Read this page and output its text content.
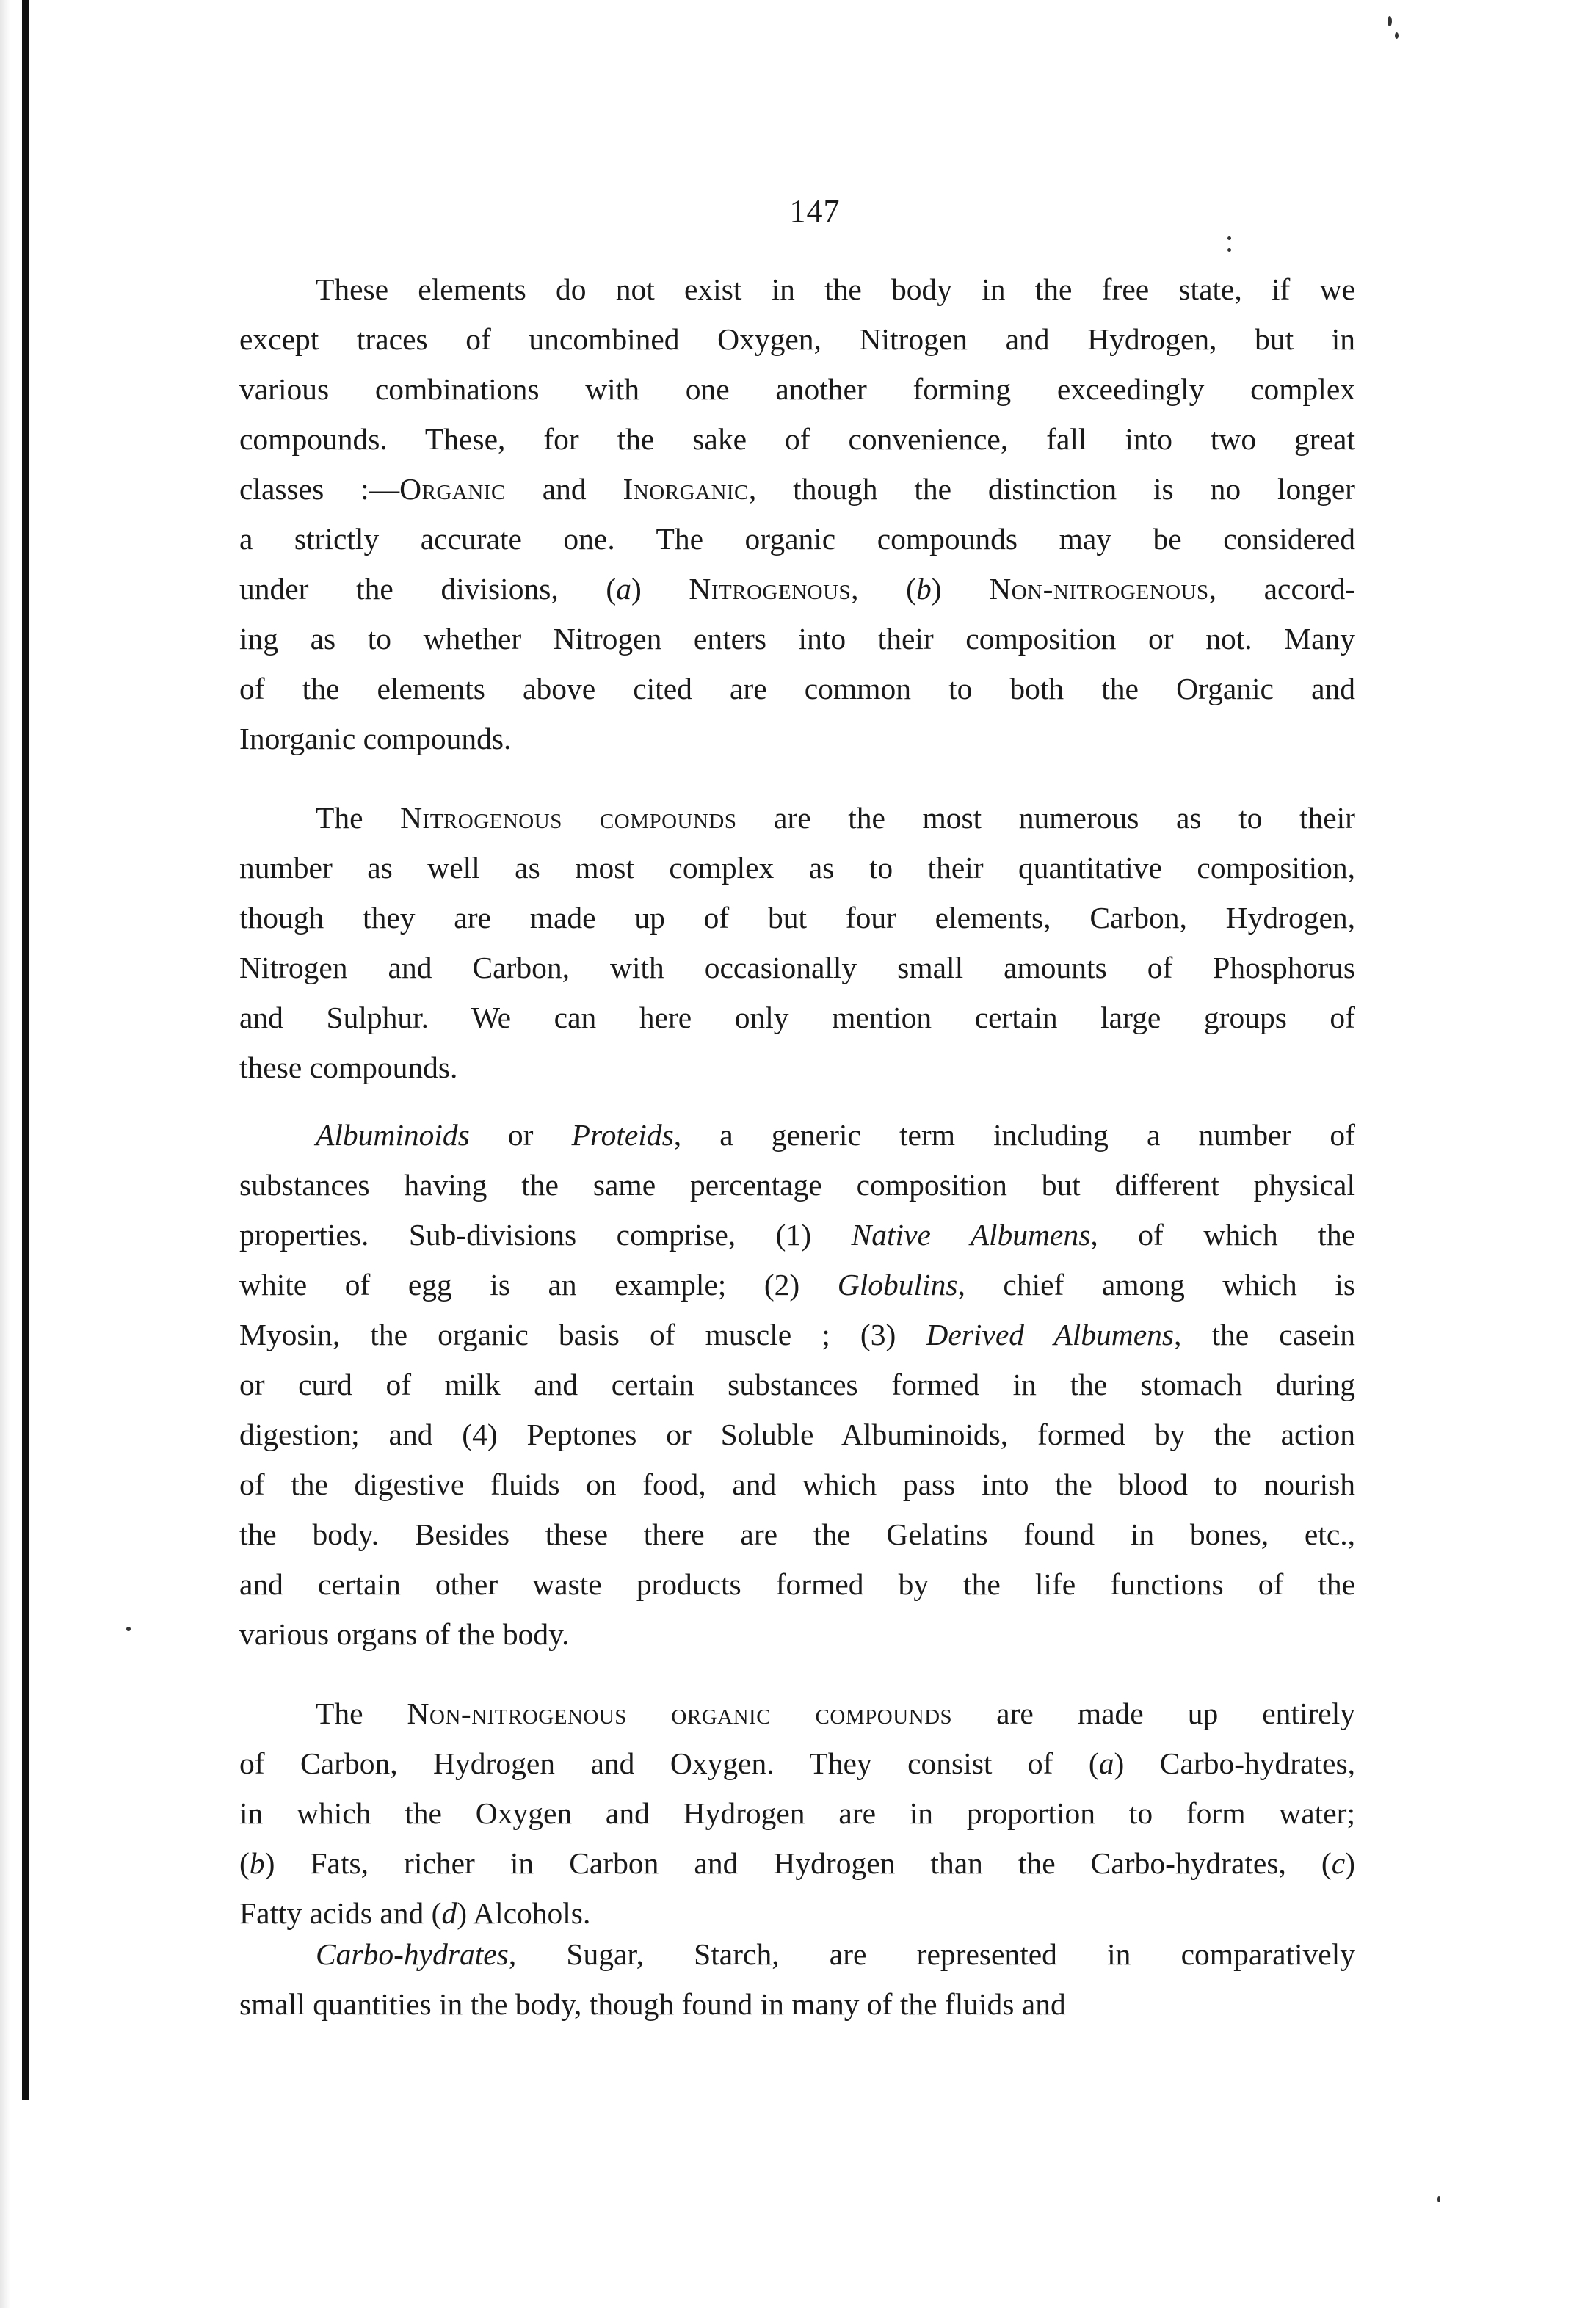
147
These elements do not exist in the body in the free state, if we
except traces of uncombined Oxygen, Nitrogen and Hydrogen, but in
various combinations with one another forming exceedingly complex
compounds. These, for the sake of convenience, fall into two great
classes :—Organic and Inorganic, though the distinction is no longer
a strictly accurate one. The organic compounds may be considered
under the divisions, (a) Nitrogenous, (b) Non-nitrogenous, accord-
ing as to whether Nitrogen enters into their composition or not. Many
of the elements above cited are common to both the Organic and
Inorganic compounds.
The Nitrogenous compounds are the most numerous as to their
number as well as most complex as to their quantitative composition,
though they are made up of but four elements, Carbon, Hydrogen,
Nitrogen and Carbon, with occasionally small amounts of Phosphorus
and Sulphur. We can here only mention certain large groups of
these compounds.
Albuminoids or Proteids, a generic term including a number of
substances having the same percentage composition but different physical
properties. Sub-divisions comprise, (1) Native Albumens, of which the
white of egg is an example; (2) Globulins, chief among which is
Myosin, the organic basis of muscle ; (3) Derived Albumens, the casein
or curd of milk and certain substances formed in the stomach during
digestion; and (4) Peptones or Soluble Albuminoids, formed by the action
of the digestive fluids on food, and which pass into the blood to nourish
the body. Besides these there are the Gelatins found in bones, etc.,
and certain other waste products formed by the life functions of the
various organs of the body.
The Non-nitrogenous organic compounds are made up entirely
of Carbon, Hydrogen and Oxygen. They consist of (a) Carbo-hydrates,
in which the Oxygen and Hydrogen are in proportion to form water;
(b) Fats, richer in Carbon and Hydrogen than the Carbo-hydrates, (c)
Fatty acids and (d) Alcohols.
Carbo-hydrates, Sugar, Starch, are represented in comparatively
small quantities in the body, though found in many of the fluids and
